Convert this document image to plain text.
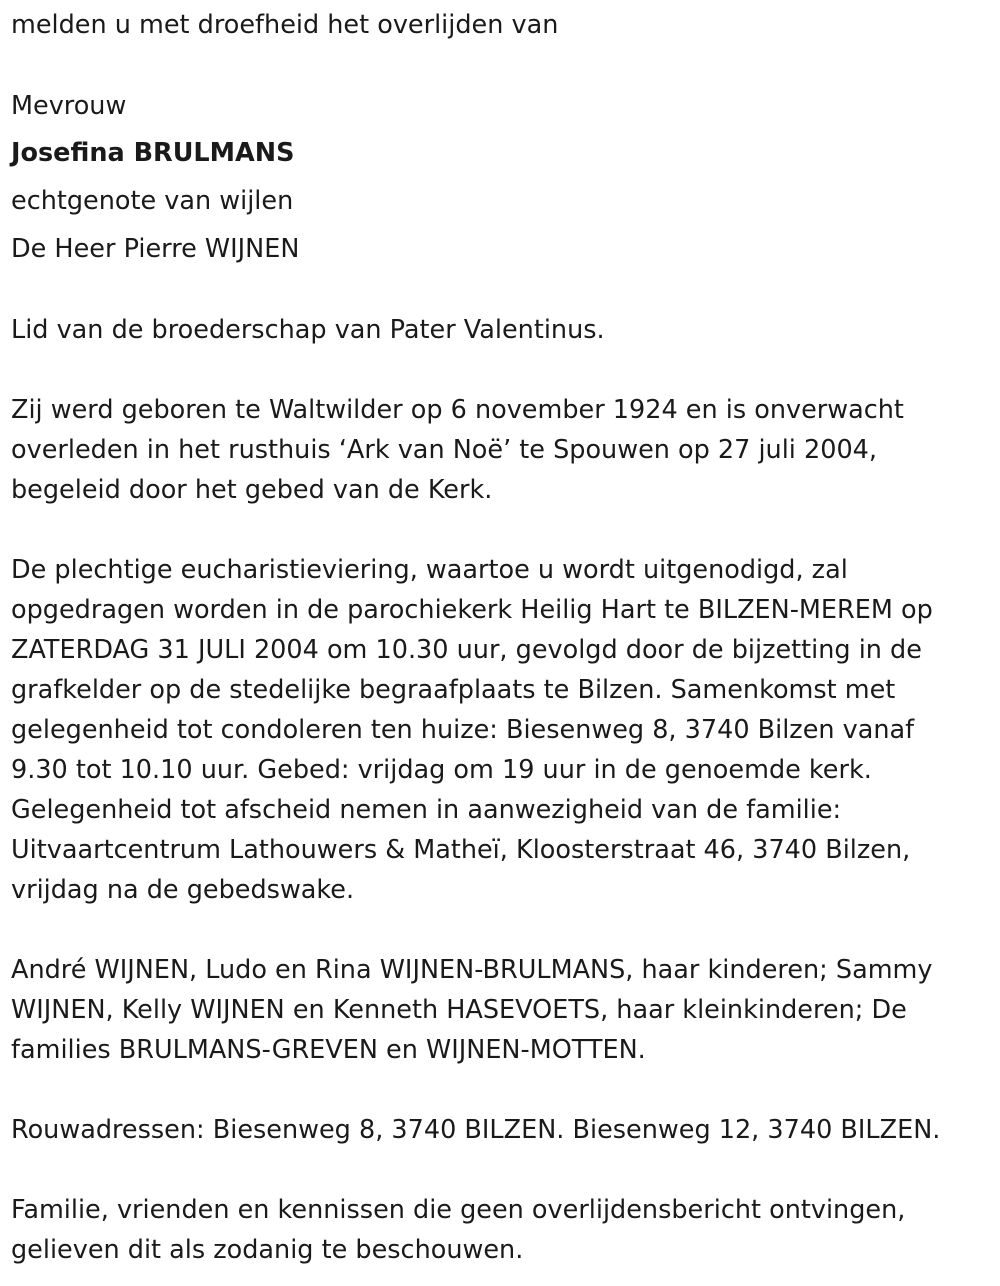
melden u met droefheid het overlijden van
Mevrouw
Josefina BRULMANS
echtgenote van wijlen
De Heer Pierre WIJNEN
Lid van de broederschap van Pater Valentinus.
Zij werd geboren te Waltwilder op 6 november 1924 en is onverwacht
overleden in het rusthuis ‘Ark van Noë’ te Spouwen op 27 juli 2004,
begeleid door het gebed van de Kerk.
De plechtige eucharistieviering, waartoe u wordt uitgenodigd, zal
opgedragen worden in de parochiekerk Heilig Hart te BILZEN-MEREM op
ZATERDAG 31 JULI 2004 om 10.30 uur, gevolgd door de bijzetting in de
grafkelder op de stedelijke begraafplaats te Bilzen. Samenkomst met
gelegenheid tot condoleren ten huize: Biesenweg 8, 3740 Bilzen vanaf
9.30 tot 10.10 uur. Gebed: vrijdag om 19 uur in de genoemde kerk.
Gelegenheid tot afscheid nemen in aanwezigheid van de familie:
Uitvaartcentrum Lathouwers & Matheï, Kloosterstraat 46, 3740 Bilzen,
vrijdag na de gebedswake.
André WIJNEN, Ludo en Rina WIJNEN-BRULMANS, haar kinderen; Sammy
WIJNEN, Kelly WIJNEN en Kenneth HASEVOETS, haar kleinkinderen; De
families BRULMANS-GREVEN en WIJNEN-MOTTEN.
Rouwadressen: Biesenweg 8, 3740 BILZEN. Biesenweg 12, 3740 BILZEN.
Familie, vrienden en kennissen die geen overlijdensbericht ontvingen,
gelieven dit als zodanig te beschouwen.
